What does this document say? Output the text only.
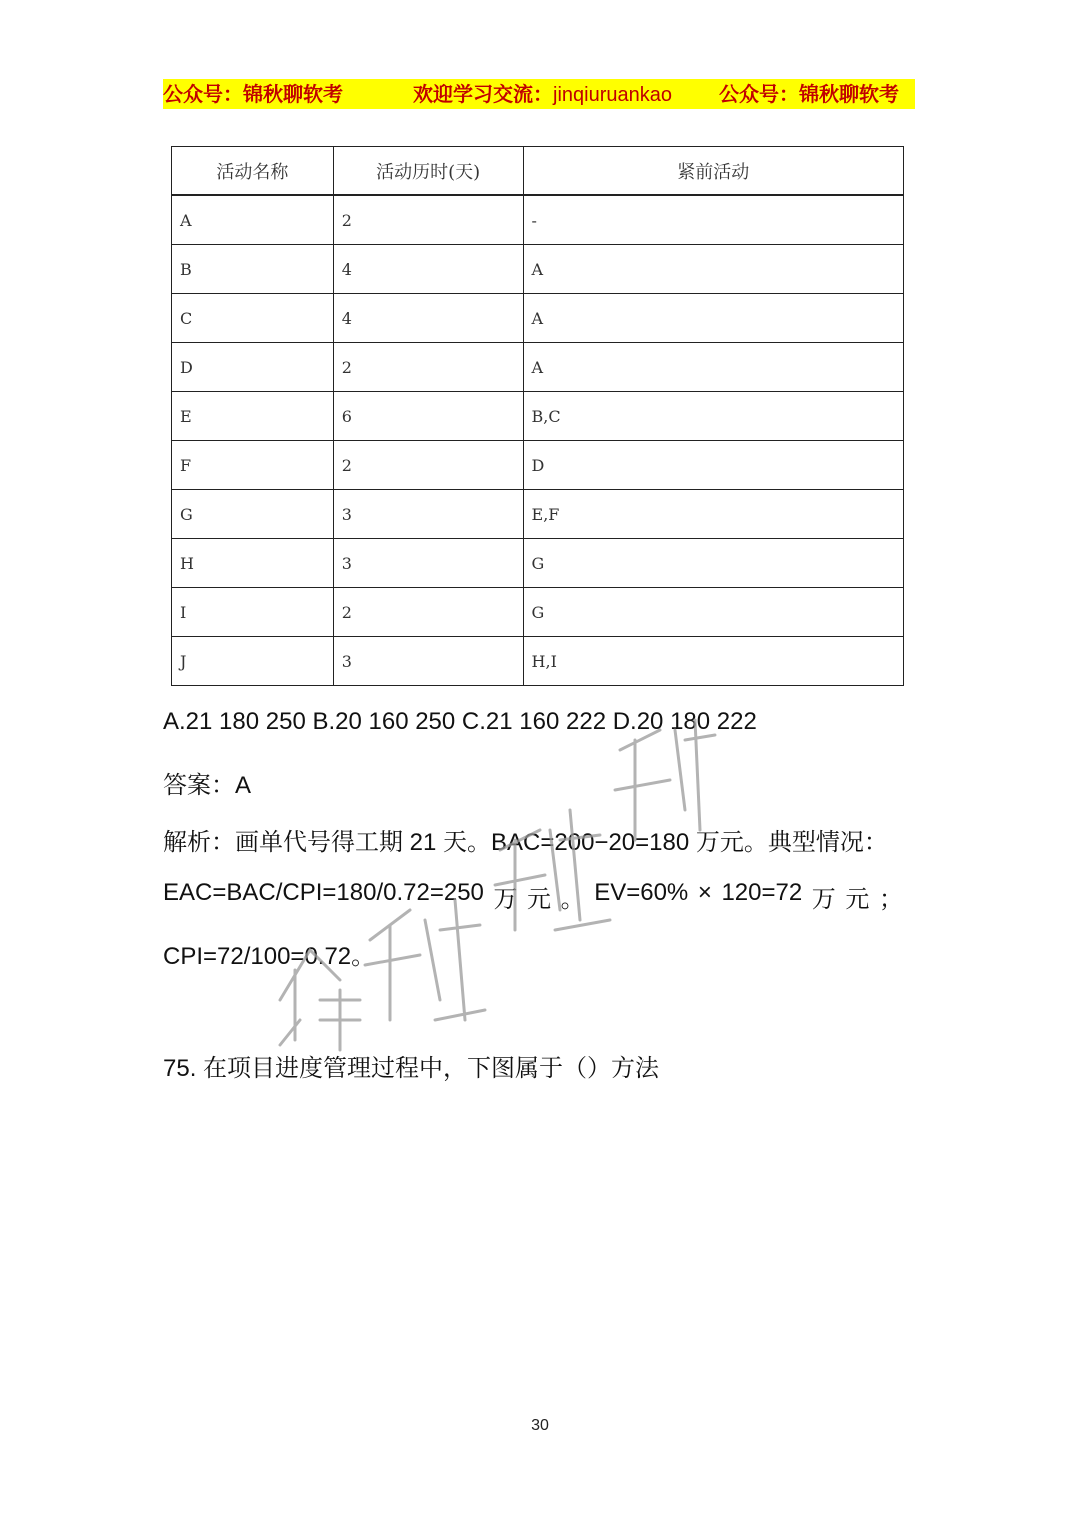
公众号：锦秋聊软考	欢迎学习交流：jinqiuruankao 公众号：锦秋聊软考
活动名称	活动历时(天)	紧前活动
A	2	-
B	4	A
C	4	A
D	2	A
E	6	B,C
F	2	D
G	3	E,F
H	3	G
I	2	G
J	3	H,I
A.21 180 250 B.20 160 250 C.21 160 222 D.20 180 222
答案：A
解析：画单代号得工期 21 天。BAC=200−20=180 万元。典型情况：
EAC=BAC/CPI=180/0.72=250 万 元 。 EV=60% × 120=72 万 元 ；
CPI=72/100=0.72。
75. 在项目进度管理过程中，下图属于（）方法
30
